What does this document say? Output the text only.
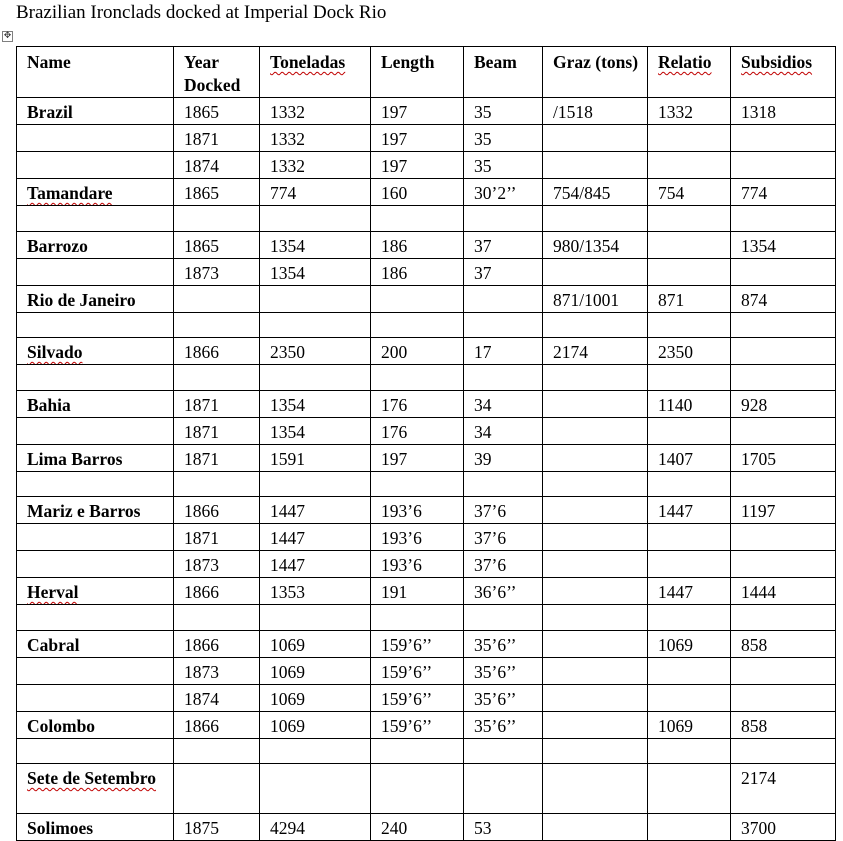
Brazilian Ironclads docked at Imperial Dock Rio
✥
Name	Year Docked	Toneladas	Length	Beam	Graz (tons)	Relatio	Subsidios
Brazil	1865	1332	197	35	/1518	1332	1318
	1871	1332	197	35			
	1874	1332	197	35			
Tamandare	1865	774	160	30’2’’	754/845	754	774

Barrozo	1865	1354	186	37	980/1354		1354
	1873	1354	186	37			
Rio de Janeiro					871/1001	871	874

Silvado	1866	2350	200	17	2174	2350	

Bahia	1871	1354	176	34		1140	928
	1871	1354	176	34			
Lima Barros	1871	1591	197	39		1407	1705

Mariz e Barros	1866	1447	193’6	37’6		1447	1197
	1871	1447	193’6	37’6			
	1873	1447	193’6	37’6			
Herval	1866	1353	191	36’6’’		1447	1444

Cabral	1866	1069	159’6’’	35’6’’		1069	858
	1873	1069	159’6’’	35’6’’			
	1874	1069	159’6’’	35’6’’			
Colombo	1866	1069	159’6’’	35’6’’		1069	858

Sete de Setembro							2174
Solimoes	1875	4294	240	53			3700
